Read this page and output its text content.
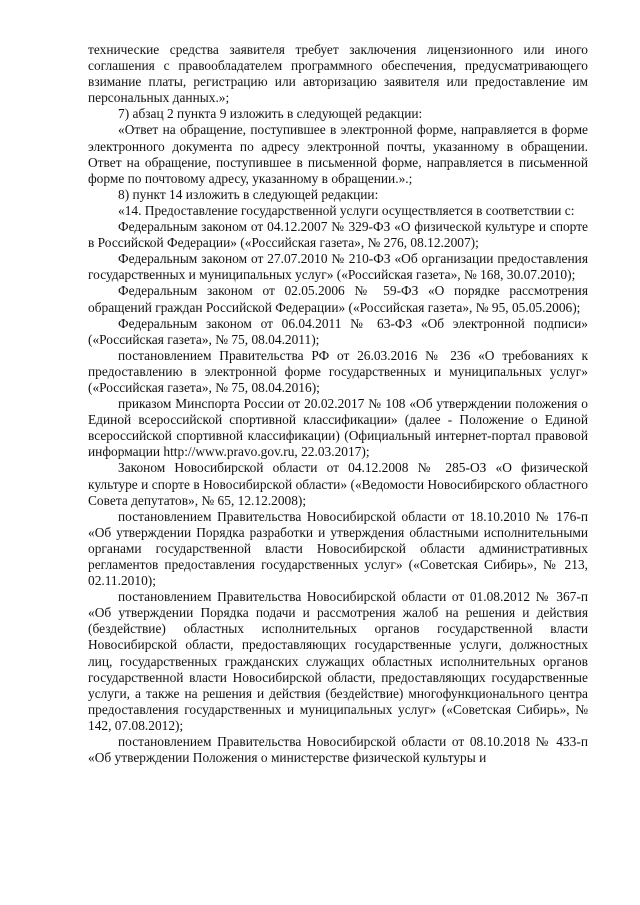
технические средства заявителя требует заключения лицензионного или иного соглашения с правообладателем программного обеспечения, предусматривающего взимание платы, регистрацию или авторизацию заявителя или предоставление им персональных данных.»;

7) абзац 2 пункта 9 изложить в следующей редакции:

«Ответ на обращение, поступившее в электронной форме, направляется в форме электронного документа по адресу электронной почты, указанному в обращении. Ответ на обращение, поступившее в письменной форме, направляется в письменной форме по почтовому адресу, указанному в обращении.».;

8) пункт 14 изложить в следующей редакции:

«14. Предоставление государственной услуги осуществляется в соответствии с:

Федеральным законом от 04.12.2007 № 329-ФЗ «О физической культуре и спорте в Российской Федерации» («Российская газета», № 276, 08.12.2007);

Федеральным законом от 27.07.2010 № 210-ФЗ «Об организации предоставления государственных и муниципальных услуг» («Российская газета», № 168, 30.07.2010);

Федеральным законом от 02.05.2006 № 59-ФЗ «О порядке рассмотрения обращений граждан Российской Федерации» («Российская газета», № 95, 05.05.2006);

Федеральным законом от 06.04.2011 № 63-ФЗ «Об электронной подписи» («Российская газета», № 75, 08.04.2011);

постановлением Правительства РФ от 26.03.2016 № 236 «О требованиях к предоставлению в электронной форме государственных и муниципальных услуг» («Российская газета», № 75, 08.04.2016);

приказом Минспорта России от 20.02.2017 № 108 «Об утверждении положения о Единой всероссийской спортивной классификации» (далее - Положение о Единой всероссийской спортивной классификации) (Официальный интернет-портал правовой информации http://www.pravo.gov.ru, 22.03.2017);

Законом Новосибирской области от 04.12.2008 № 285-ОЗ «О физической культуре и спорте в Новосибирской области» («Ведомости Новосибирского областного Совета депутатов», № 65, 12.12.2008);

постановлением Правительства Новосибирской области от 18.10.2010 № 176-п «Об утверждении Порядка разработки и утверждения областными исполнительными органами государственной власти Новосибирской области административных регламентов предоставления государственных услуг» («Советская Сибирь», № 213, 02.11.2010);

постановлением Правительства Новосибирской области от 01.08.2012 № 367-п «Об утверждении Порядка подачи и рассмотрения жалоб на решения и действия (бездействие) областных исполнительных органов государственной власти Новосибирской области, предоставляющих государственные услуги, должностных лиц, государственных гражданских служащих областных исполнительных органов государственной власти Новосибирской области, предоставляющих государственные услуги, а также на решения и действия (бездействие) многофункционального центра предоставления государственных и муниципальных услуг» («Советская Сибирь», № 142, 07.08.2012);

постановлением Правительства Новосибирской области от 08.10.2018 № 433-п «Об утверждении Положения о министерстве физической культуры и
